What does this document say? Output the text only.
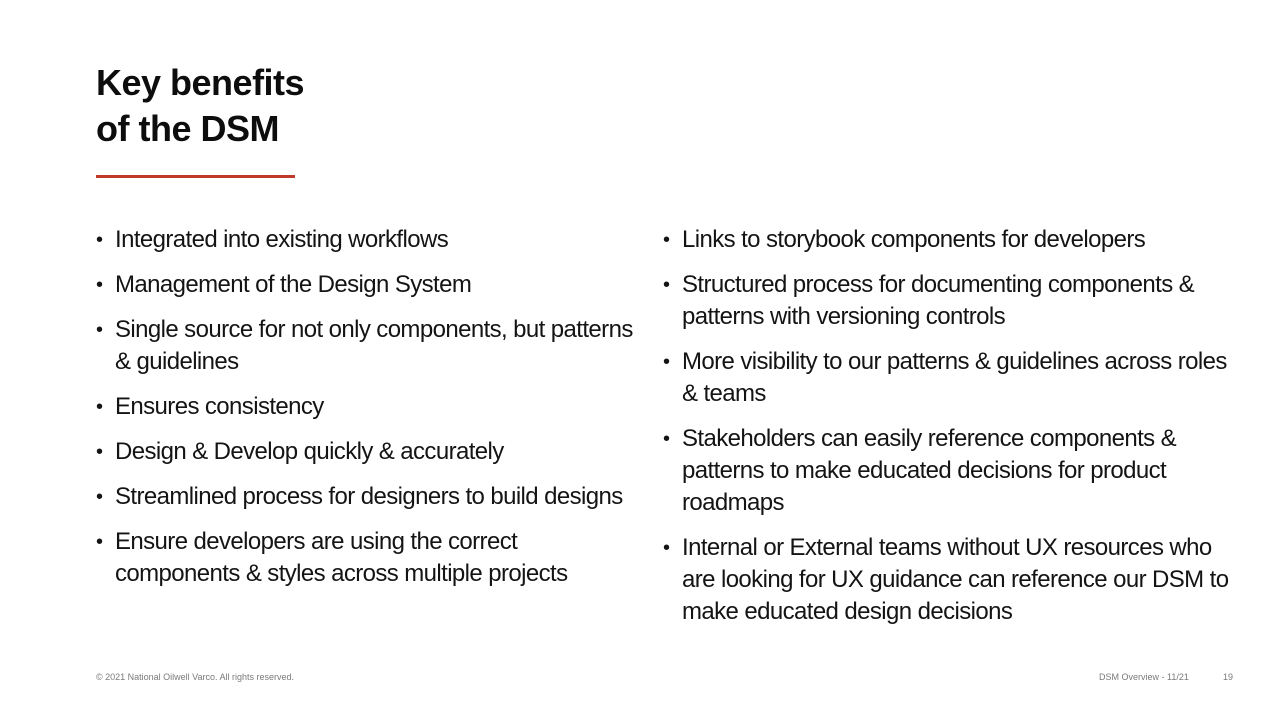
Key benefits
of the DSM
• Integrated into existing workflows
• Management of the Design System
• Single source for not only components, but patterns & guidelines
• Ensures consistency
• Design & Develop quickly & accurately
• Streamlined process for designers to build designs
• Ensure developers are using the correct components & styles across multiple projects
• Links to storybook components for developers
• Structured process for documenting components & patterns with versioning controls
• More visibility to our patterns & guidelines across roles & teams
• Stakeholders can easily reference components & patterns to make educated decisions for product roadmaps
• Internal or External teams without UX resources who are looking for UX guidance can reference our DSM to make educated design decisions
© 2021 National Oilwell Varco. All rights reserved.	DSM Overview - 11/21	19
